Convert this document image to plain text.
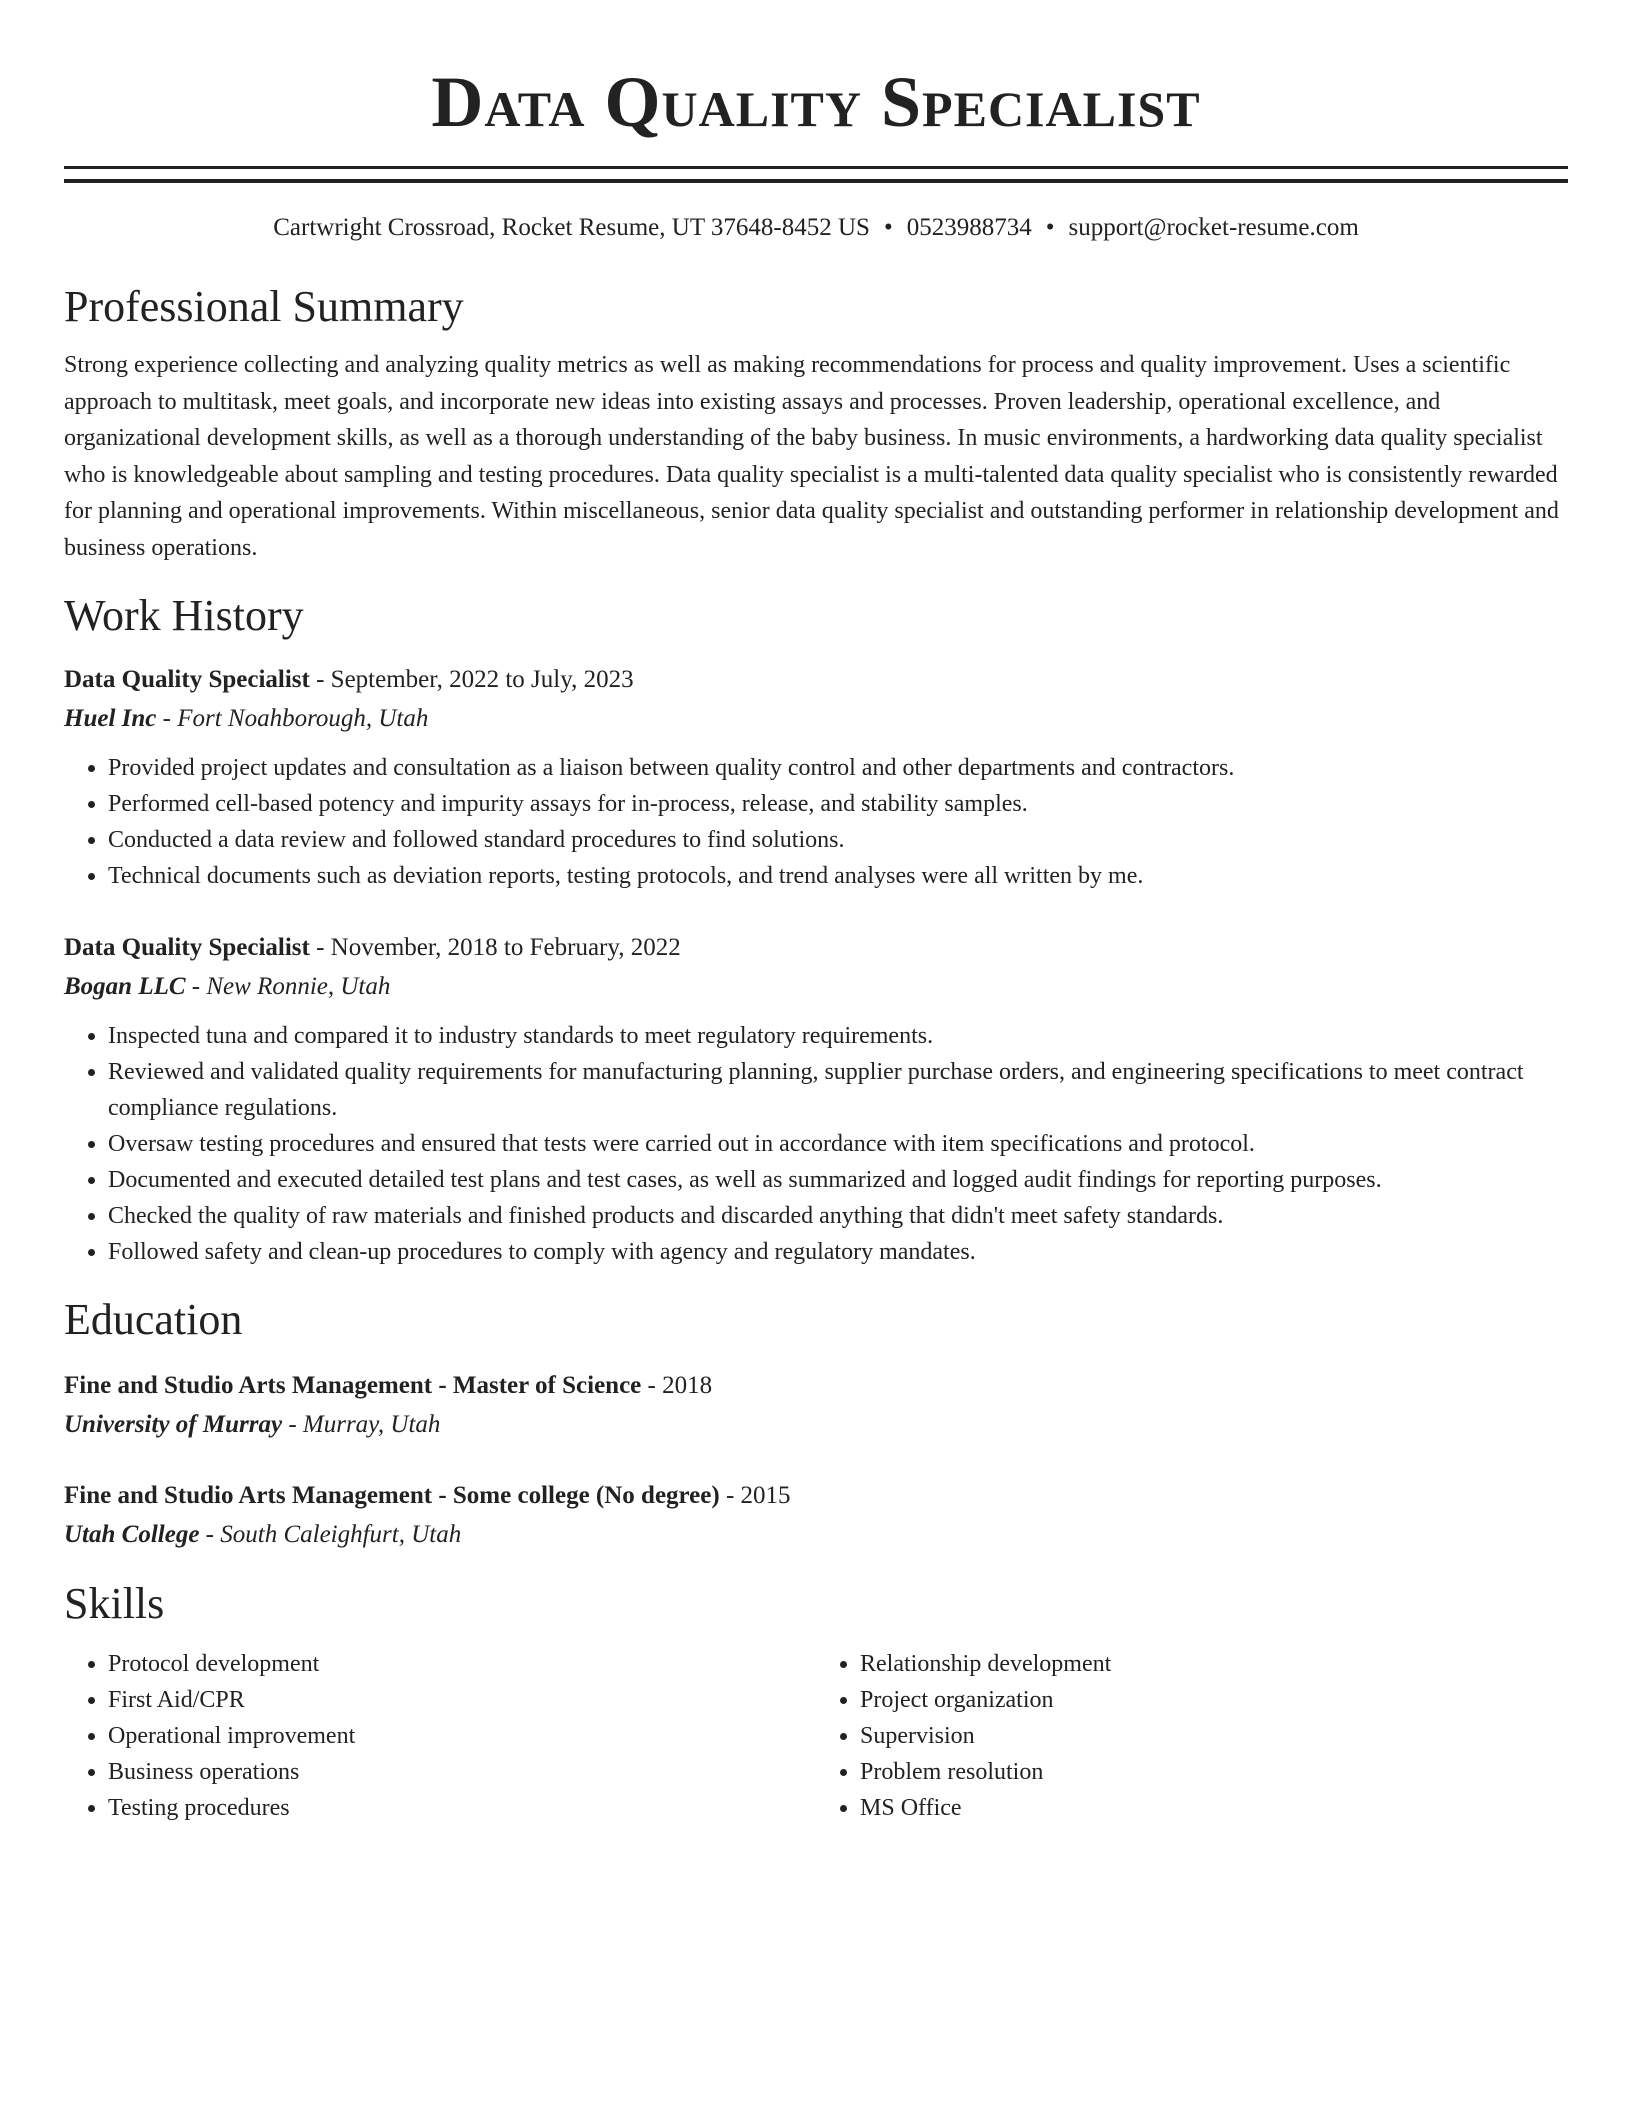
Data Quality Specialist
Cartwright Crossroad, Rocket Resume, UT 37648-8452 US • 0523988734 • support@rocket-resume.com
Professional Summary
Strong experience collecting and analyzing quality metrics as well as making recommendations for process and quality improvement. Uses a scientific approach to multitask, meet goals, and incorporate new ideas into existing assays and processes. Proven leadership, operational excellence, and organizational development skills, as well as a thorough understanding of the baby business. In music environments, a hardworking data quality specialist who is knowledgeable about sampling and testing procedures. Data quality specialist is a multi-talented data quality specialist who is consistently rewarded for planning and operational improvements. Within miscellaneous, senior data quality specialist and outstanding performer in relationship development and business operations.
Work History
Data Quality Specialist - September, 2022 to July, 2023
Huel Inc - Fort Noahborough, Utah
• Provided project updates and consultation as a liaison between quality control and other departments and contractors.
• Performed cell-based potency and impurity assays for in-process, release, and stability samples.
• Conducted a data review and followed standard procedures to find solutions.
• Technical documents such as deviation reports, testing protocols, and trend analyses were all written by me.
Data Quality Specialist - November, 2018 to February, 2022
Bogan LLC - New Ronnie, Utah
• Inspected tuna and compared it to industry standards to meet regulatory requirements.
• Reviewed and validated quality requirements for manufacturing planning, supplier purchase orders, and engineering specifications to meet contract compliance regulations.
• Oversaw testing procedures and ensured that tests were carried out in accordance with item specifications and protocol.
• Documented and executed detailed test plans and test cases, as well as summarized and logged audit findings for reporting purposes.
• Checked the quality of raw materials and finished products and discarded anything that didn't meet safety standards.
• Followed safety and clean-up procedures to comply with agency and regulatory mandates.
Education
Fine and Studio Arts Management - Master of Science - 2018
University of Murray - Murray, Utah
Fine and Studio Arts Management - Some college (No degree) - 2015
Utah College - South Caleighfurt, Utah
Skills
• Protocol development
• First Aid/CPR
• Operational improvement
• Business operations
• Testing procedures
• Relationship development
• Project organization
• Supervision
• Problem resolution
• MS Office
